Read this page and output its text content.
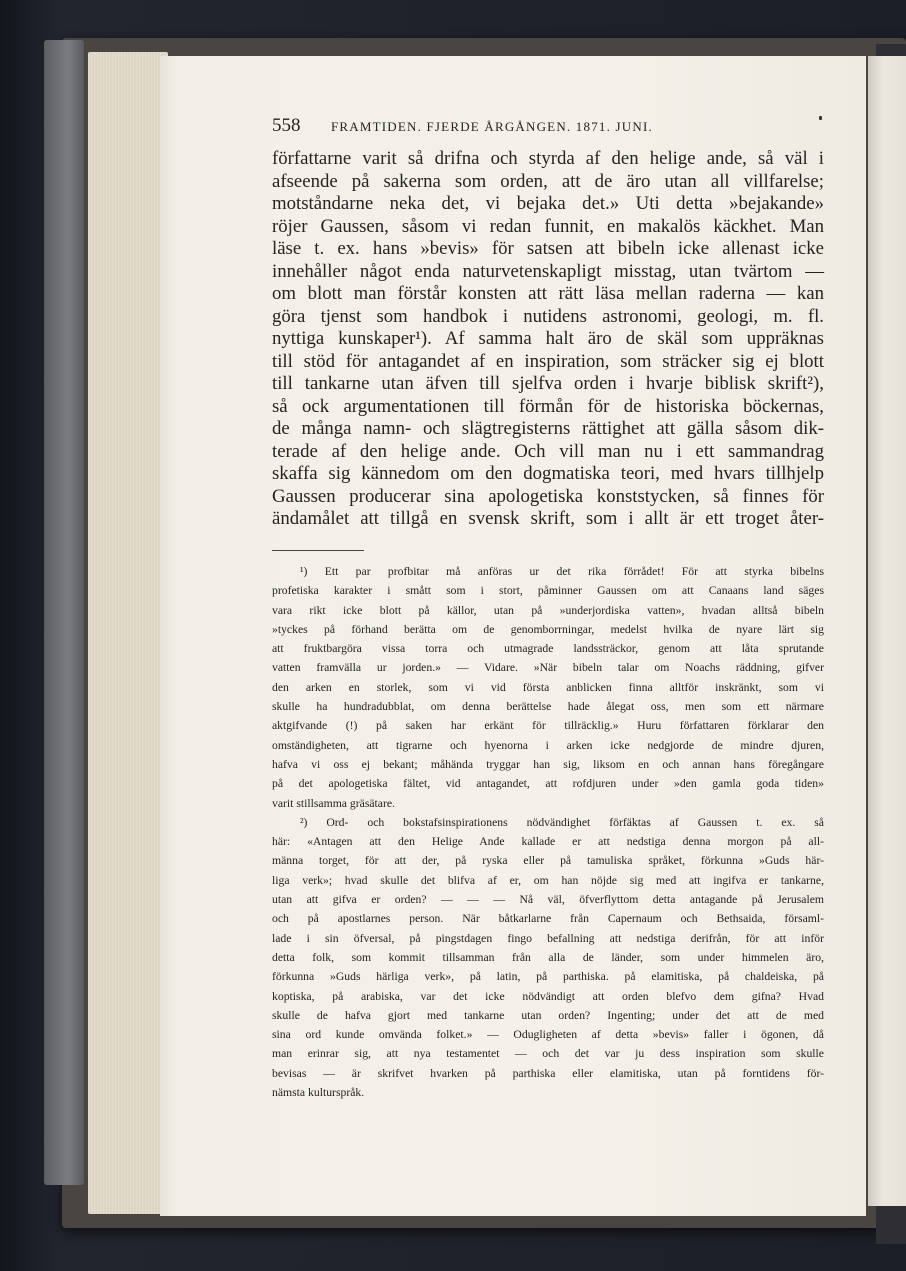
558 FRAMTIDEN. FJERDE ÅRGÅNGEN. 1871. JUNI.
författarne varit så drifna och styrda af den helige ande, så väl i
afseende på sakerna som orden, att de äro utan all villfarelse;
motståndarne neka det, vi bejaka det.» Uti detta »bejakande»
röjer Gaussen, såsom vi redan funnit, en makalös käckhet. Man
läse t. ex. hans »bevis» för satsen att bibeln icke allenast icke
innehåller något enda naturvetenskapligt misstag, utan tvärtom —
om blott man förstår konsten att rätt läsa mellan raderna — kan
göra tjenst som handbok i nutidens astronomi, geologi, m. fl.
nyttiga kunskaper¹). Af samma halt äro de skäl som uppräknas
till stöd för antagandet af en inspiration, som sträcker sig ej blott
till tankarne utan äfven till sjelfva orden i hvarje biblisk skrift²),
så ock argumentationen till förmån för de historiska böckernas,
de många namn- och slägtregisterns rättighet att gälla såsom dik-
terade af den helige ande. Och vill man nu i ett sammandrag
skaffa sig kännedom om den dogmatiska teori, med hvars tillhjelp
Gaussen producerar sina apologetiska konststycken, så finnes för
ändamålet att tillgå en svensk skrift, som i allt är ett troget åter-
¹) Ett par profbitar må anföras ur det rika förrådet! För att styrka bibelns
profetiska karakter i smått som i stort, påminner Gaussen om att Canaans land säges
vara rikt icke blott på källor, utan på »underjordiska vatten», hvadan alltså bibeln
»tyckes på förhand berätta om de genomborrningar, medelst hvilka de nyare lärt sig
att fruktbargöra vissa torra och utmagrade landssträckor, genom att låta sprutande
vatten framvälla ur jorden.» — Vidare. »När bibeln talar om Noachs räddning, gifver
den arken en storlek, som vi vid första anblicken finna alltför inskränkt, som vi
skulle ha hundradubblat, om denna berättelse hade ålegat oss, men som ett närmare
aktgifvande (!) på saken har erkänt för tillräcklig.» Huru författaren förklarar den
omständigheten, att tigrarne och hyenorna i arken icke nedgjorde de mindre djuren,
hafva vi oss ej bekant; måhända tryggar han sig, liksom en och annan hans föregångare
på det apologetiska fältet, vid antagandet, att rofdjuren under »den gamla goda tiden»
varit stillsamma gräsätare.
²) Ord- och bokstafsinspirationens nödvändighet förfäktas af Gaussen t. ex. så
här: «Antagen att den Helige Ande kallade er att nedstiga denna morgon på all-
männa torget, för att der, på ryska eller på tamuliska språket, förkunna »Guds här-
liga verk»; hvad skulle det blifva af er, om han nöjde sig med att ingifva er tankarne,
utan att gifva er orden? — — — Nå väl, öfverflyttom detta antagande på Jerusalem
och på apostlarnes person. När båtkarlarne från Capernaum och Bethsaida, församl-
lade i sin öfversal, på pingstdagen fingo befallning att nedstiga derifrån, för att inför
detta folk, som kommit tillsamman från alla de länder, som under himmelen äro,
förkunna »Guds härliga verk», på latin, på parthiska. på elamitiska, på chaldeiska, på
koptiska, på arabiska, var det icke nödvändigt att orden blefvo dem gifna? Hvad
skulle de hafva gjort med tankarne utan orden? Ingenting; under det att de med
sina ord kunde omvända folket.» — Odugligheten af detta »bevis» faller i ögonen, då
man erinrar sig, att nya testamentet — och det var ju dess inspiration som skulle
bevisas — är skrifvet hvarken på parthiska eller elamitiska, utan på forntidens för-
nämsta kulturspråk.
